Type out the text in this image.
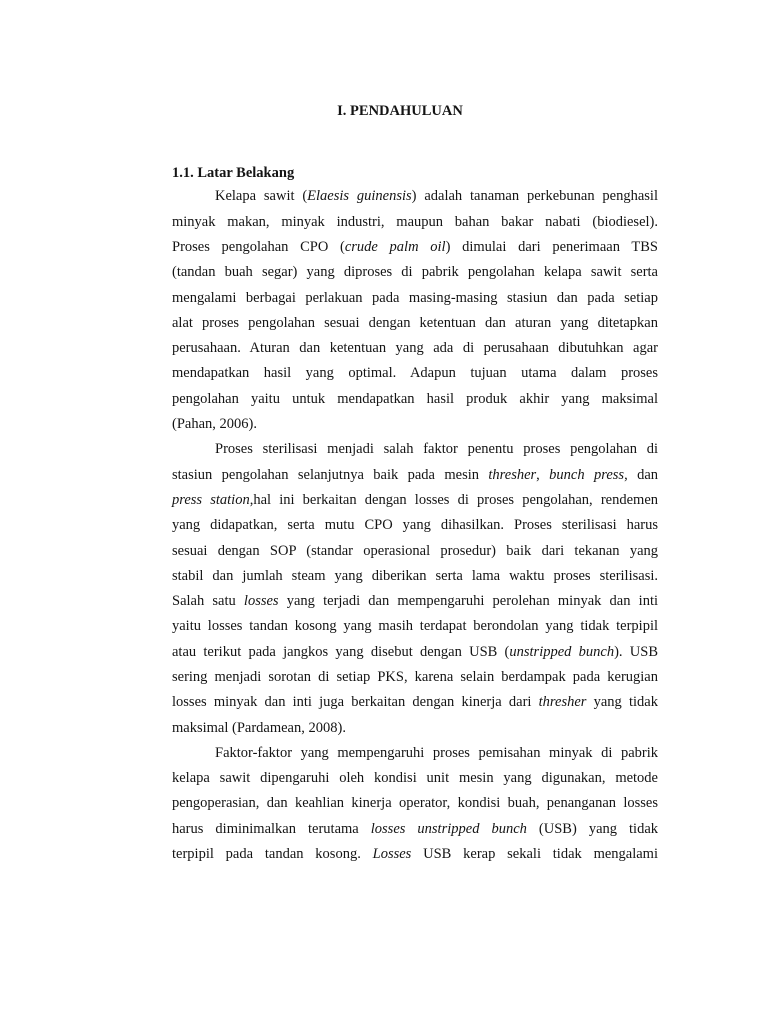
I. PENDAHULUAN
1.1. Latar Belakang
Kelapa sawit (Elaesis guinensis) adalah tanaman perkebunan penghasil
minyak makan, minyak industri, maupun bahan bakar nabati (biodiesel).
Proses pengolahan CPO (crude palm oil) dimulai dari penerimaan TBS
(tandan buah segar) yang diproses di pabrik pengolahan kelapa sawit serta
mengalami berbagai perlakuan pada masing-masing stasiun dan pada setiap
alat proses pengolahan sesuai dengan ketentuan dan aturan yang ditetapkan
perusahaan. Aturan dan ketentuan yang ada di perusahaan dibutuhkan agar
mendapatkan hasil yang optimal. Adapun tujuan utama dalam proses
pengolahan yaitu untuk mendapatkan hasil produk akhir yang maksimal
(Pahan, 2006).
Proses sterilisasi menjadi salah faktor penentu proses pengolahan di
stasiun pengolahan selanjutnya baik pada mesin thresher, bunch press, dan
press station,hal ini berkaitan dengan losses di proses pengolahan, rendemen
yang didapatkan, serta mutu CPO yang dihasilkan. Proses sterilisasi harus
sesuai dengan SOP (standar operasional prosedur) baik dari tekanan yang
stabil dan jumlah steam yang diberikan serta lama waktu proses sterilisasi.
Salah satu losses yang terjadi dan mempengaruhi perolehan minyak dan inti
yaitu losses tandan kosong yang masih terdapat berondolan yang tidak terpipil
atau terikut pada jangkos yang disebut dengan USB (unstripped bunch). USB
sering menjadi sorotan di setiap PKS, karena selain berdampak pada kerugian
losses minyak dan inti juga berkaitan dengan kinerja dari thresher yang tidak
maksimal (Pardamean, 2008).
Faktor-faktor yang mempengaruhi proses pemisahan minyak di pabrik
kelapa sawit dipengaruhi oleh kondisi unit mesin yang digunakan, metode
pengoperasian, dan keahlian kinerja operator, kondisi buah, penanganan losses
harus diminimalkan terutama losses unstripped bunch (USB) yang tidak
terpipil pada tandan kosong. Losses USB kerap sekali tidak mengalami
